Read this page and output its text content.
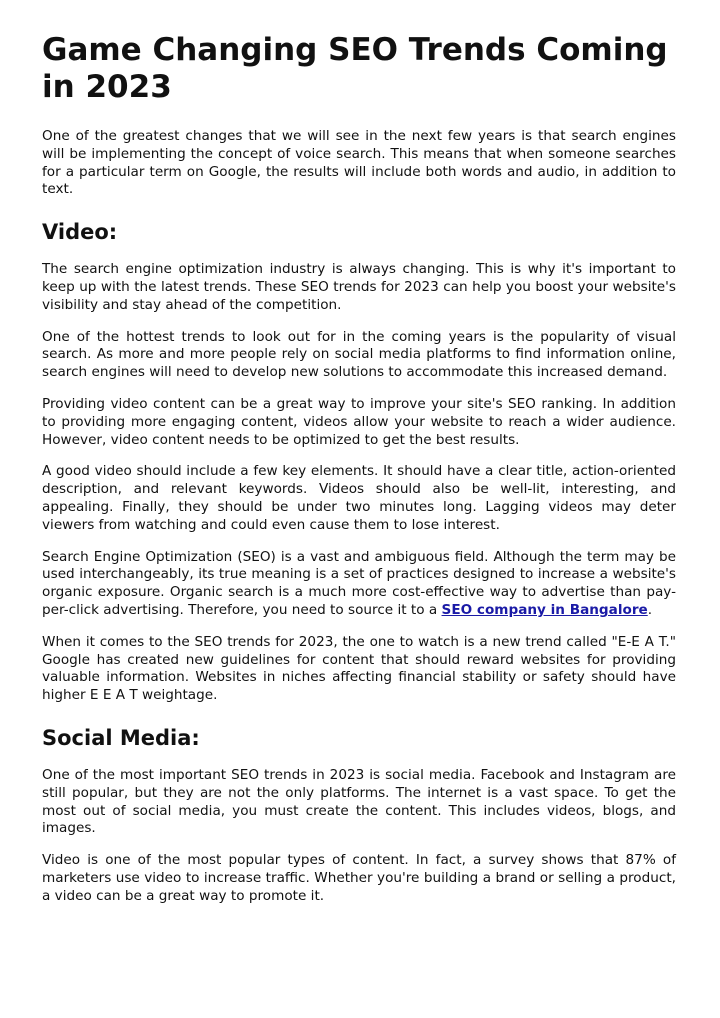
Game Changing SEO Trends Coming in 2023

One of the greatest changes that we will see in the next few years is that search engines will be implementing the concept of voice search. This means that when someone searches for a particular term on Google, the results will include both words and audio, in addition to text.

Video:

The search engine optimization industry is always changing. This is why it's important to keep up with the latest trends. These SEO trends for 2023 can help you boost your website's visibility and stay ahead of the competition.

One of the hottest trends to look out for in the coming years is the popularity of visual search. As more and more people rely on social media platforms to find information online, search engines will need to develop new solutions to accommodate this increased demand.

Providing video content can be a great way to improve your site's SEO ranking. In addition to providing more engaging content, videos allow your website to reach a wider audience. However, video content needs to be optimized to get the best results.

A good video should include a few key elements. It should have a clear title, action-oriented description, and relevant keywords. Videos should also be well-lit, interesting, and appealing. Finally, they should be under two minutes long. Lagging videos may deter viewers from watching and could even cause them to lose interest.

Search Engine Optimization (SEO) is a vast and ambiguous field. Although the term may be used interchangeably, its true meaning is a set of practices designed to increase a website's organic exposure. Organic search is a much more cost-effective way to advertise than pay-per-click advertising. Therefore, you need to source it to a SEO company in Bangalore.

When it comes to the SEO trends for 2023, the one to watch is a new trend called "E-E A T." Google has created new guidelines for content that should reward websites for providing valuable information. Websites in niches affecting financial stability or safety should have higher E E A T weightage.

Social Media:

One of the most important SEO trends in 2023 is social media. Facebook and Instagram are still popular, but they are not the only platforms. The internet is a vast space. To get the most out of social media, you must create the content. This includes videos, blogs, and images.

Video is one of the most popular types of content. In fact, a survey shows that 87% of marketers use video to increase traffic. Whether you're building a brand or selling a product, a video can be a great way to promote it.
